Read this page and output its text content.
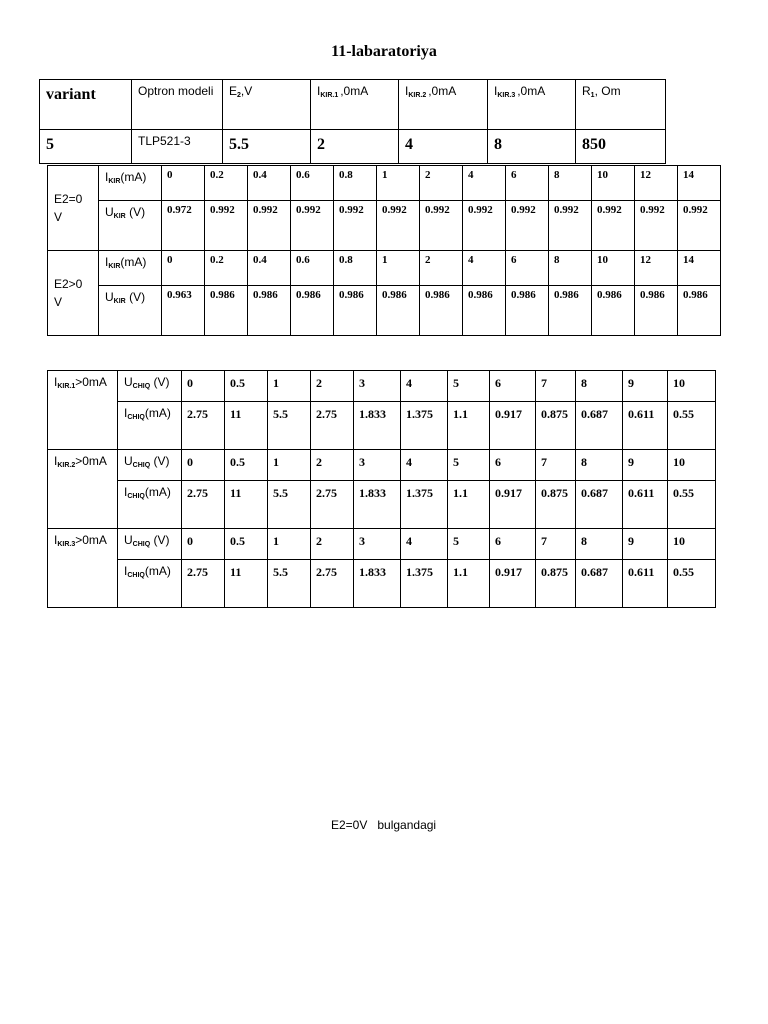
11-labaratoriya
variant	Optron modeli	$E_2,V$	$I_{KIR.1}$ ,0mA	$I_{KIR.2}$ ,0mA	$I_{KIR.3}$ ,0mA	$R_1$, Om
5	TLP521-3	5.5	2	4	8	850
E2=0 V	$I_{KIR}(mA)$	0	0.2	0.4	0.6	0.8	1	2	4	6	8	10	12	14
	$U_{KIR}$ (V)	0.972	0.992	0.992	0.992	0.992	0.992	0.992	0.992	0.992	0.992	0.992	0.992	0.992
E2>0 V	$I_{KIR}(mA)$	0	0.2	0.4	0.6	0.8	1	2	4	6	8	10	12	14
	$U_{KIR}$ (V)	0.963	0.986	0.986	0.986	0.986	0.986	0.986	0.986	0.986	0.986	0.986	0.986	0.986
$I_{KIR.1}>0mA$	$U_{CHIQ}$ (V)	0	0.5	1	2	3	4	5	6	7	8	9	10
	$I_{CHIQ}(mA)$	2.75	11	5.5	2.75	1.833	1.375	1.1	0.917	0.875	0.687	0.611	0.55
$I_{KIR.2}>0mA$	$U_{CHIQ}$ (V)	0	0.5	1	2	3	4	5	6	7	8	9	10
	$I_{CHIQ}(mA)$	2.75	11	5.5	2.75	1.833	1.375	1.1	0.917	0.875	0.687	0.611	0.55
$I_{KIR.3}>0mA$	$U_{CHIQ}$ (V)	0	0.5	1	2	3	4	5	6	7	8	9	10
	$I_{CHIQ}(mA)$	2.75	11	5.5	2.75	1.833	1.375	1.1	0.917	0.875	0.687	0.611	0.55
E2=0V   bulgandagi
